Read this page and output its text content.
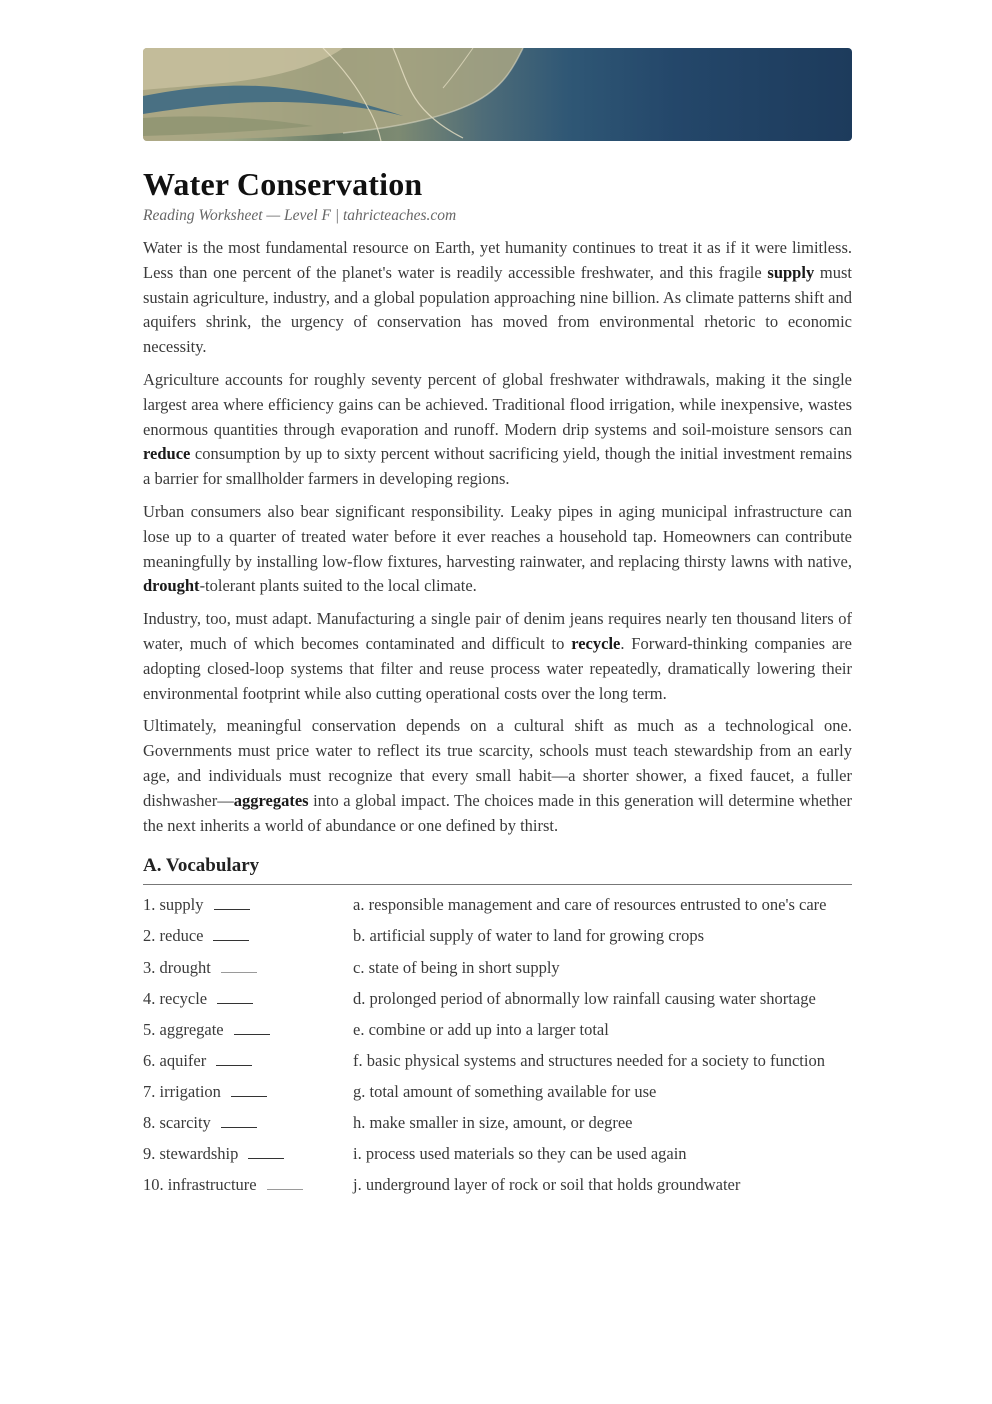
Water Conservation
Reading Worksheet — Level F | tahricteaches.com

Water is the most fundamental resource on Earth, yet humanity continues to treat it as if it were limitless. Less than one percent of the planet's water is readily accessible freshwater, and this fragile supply must sustain agriculture, industry, and a global population approaching nine billion. As climate patterns shift and aquifers shrink, the urgency of conservation has moved from environmental rhetoric to economic necessity.

Agriculture accounts for roughly seventy percent of global freshwater withdrawals, making it the single largest area where efficiency gains can be achieved. Traditional flood irrigation, while inexpensive, wastes enormous quantities through evaporation and runoff. Modern drip systems and soil-moisture sensors can reduce consumption by up to sixty percent without sacrificing yield, though the initial investment remains a barrier for smallholder farmers in developing regions.

Urban consumers also bear significant responsibility. Leaky pipes in aging municipal infrastructure can lose up to a quarter of treated water before it ever reaches a household tap. Homeowners can contribute meaningfully by installing low-flow fixtures, harvesting rainwater, and replacing thirsty lawns with native, drought-tolerant plants suited to the local climate.

Industry, too, must adapt. Manufacturing a single pair of denim jeans requires nearly ten thousand liters of water, much of which becomes contaminated and difficult to recycle. Forward-thinking companies are adopting closed-loop systems that filter and reuse process water repeatedly, dramatically lowering their environmental footprint while also cutting operational costs over the long term.

Ultimately, meaningful conservation depends on a cultural shift as much as a technological one. Governments must price water to reflect its true scarcity, schools must teach stewardship from an early age, and individuals must recognize that every small habit—a shorter shower, a fixed faucet, a fuller dishwasher—aggregates into a global impact. The choices made in this generation will determine whether the next inherits a world of abundance or one defined by thirst.

A. Vocabulary
1. supply	a. responsible management and care of resources entrusted to one's care
2. reduce	b. artificial supply of water to land for growing crops
3. drought	c. state of being in short supply
4. recycle	d. prolonged period of abnormally low rainfall causing water shortage
5. aggregate	e. combine or add up into a larger total
6. aquifer	f. basic physical systems and structures needed for a society to function
7. irrigation	g. total amount of something available for use
8. scarcity	h. make smaller in size, amount, or degree
9. stewardship	i. process used materials so they can be used again
10. infrastructure	j. underground layer of rock or soil that holds groundwater
